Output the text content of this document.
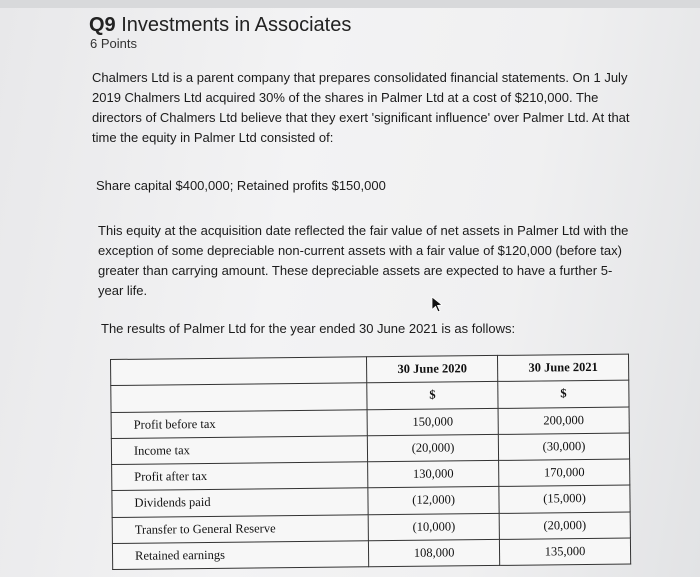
Q9 Investments in Associates
6 Points

Chalmers Ltd is a parent company that prepares consolidated financial statements. On 1 July 2019 Chalmers Ltd acquired 30% of the shares in Palmer Ltd at a cost of $210,000. The directors of Chalmers Ltd believe that they exert 'significant influence' over Palmer Ltd. At that time the equity in Palmer Ltd consisted of:

Share capital $400,000; Retained profits $150,000

This equity at the acquisition date reflected the fair value of net assets in Palmer Ltd with the exception of some depreciable non-current assets with a fair value of $120,000 (before tax) greater than carrying amount. These depreciable assets are expected to have a further 5-year life.

The results of Palmer Ltd for the year ended 30 June 2021 is as follows:

	30 June 2020	30 June 2021
	$	$
Profit before tax	150,000	200,000
Income tax	(20,000)	(30,000)
Profit after tax	130,000	170,000
Dividends paid	(12,000)	(15,000)
Transfer to General Reserve	(10,000)	(20,000)
Retained earnings	108,000	135,000
